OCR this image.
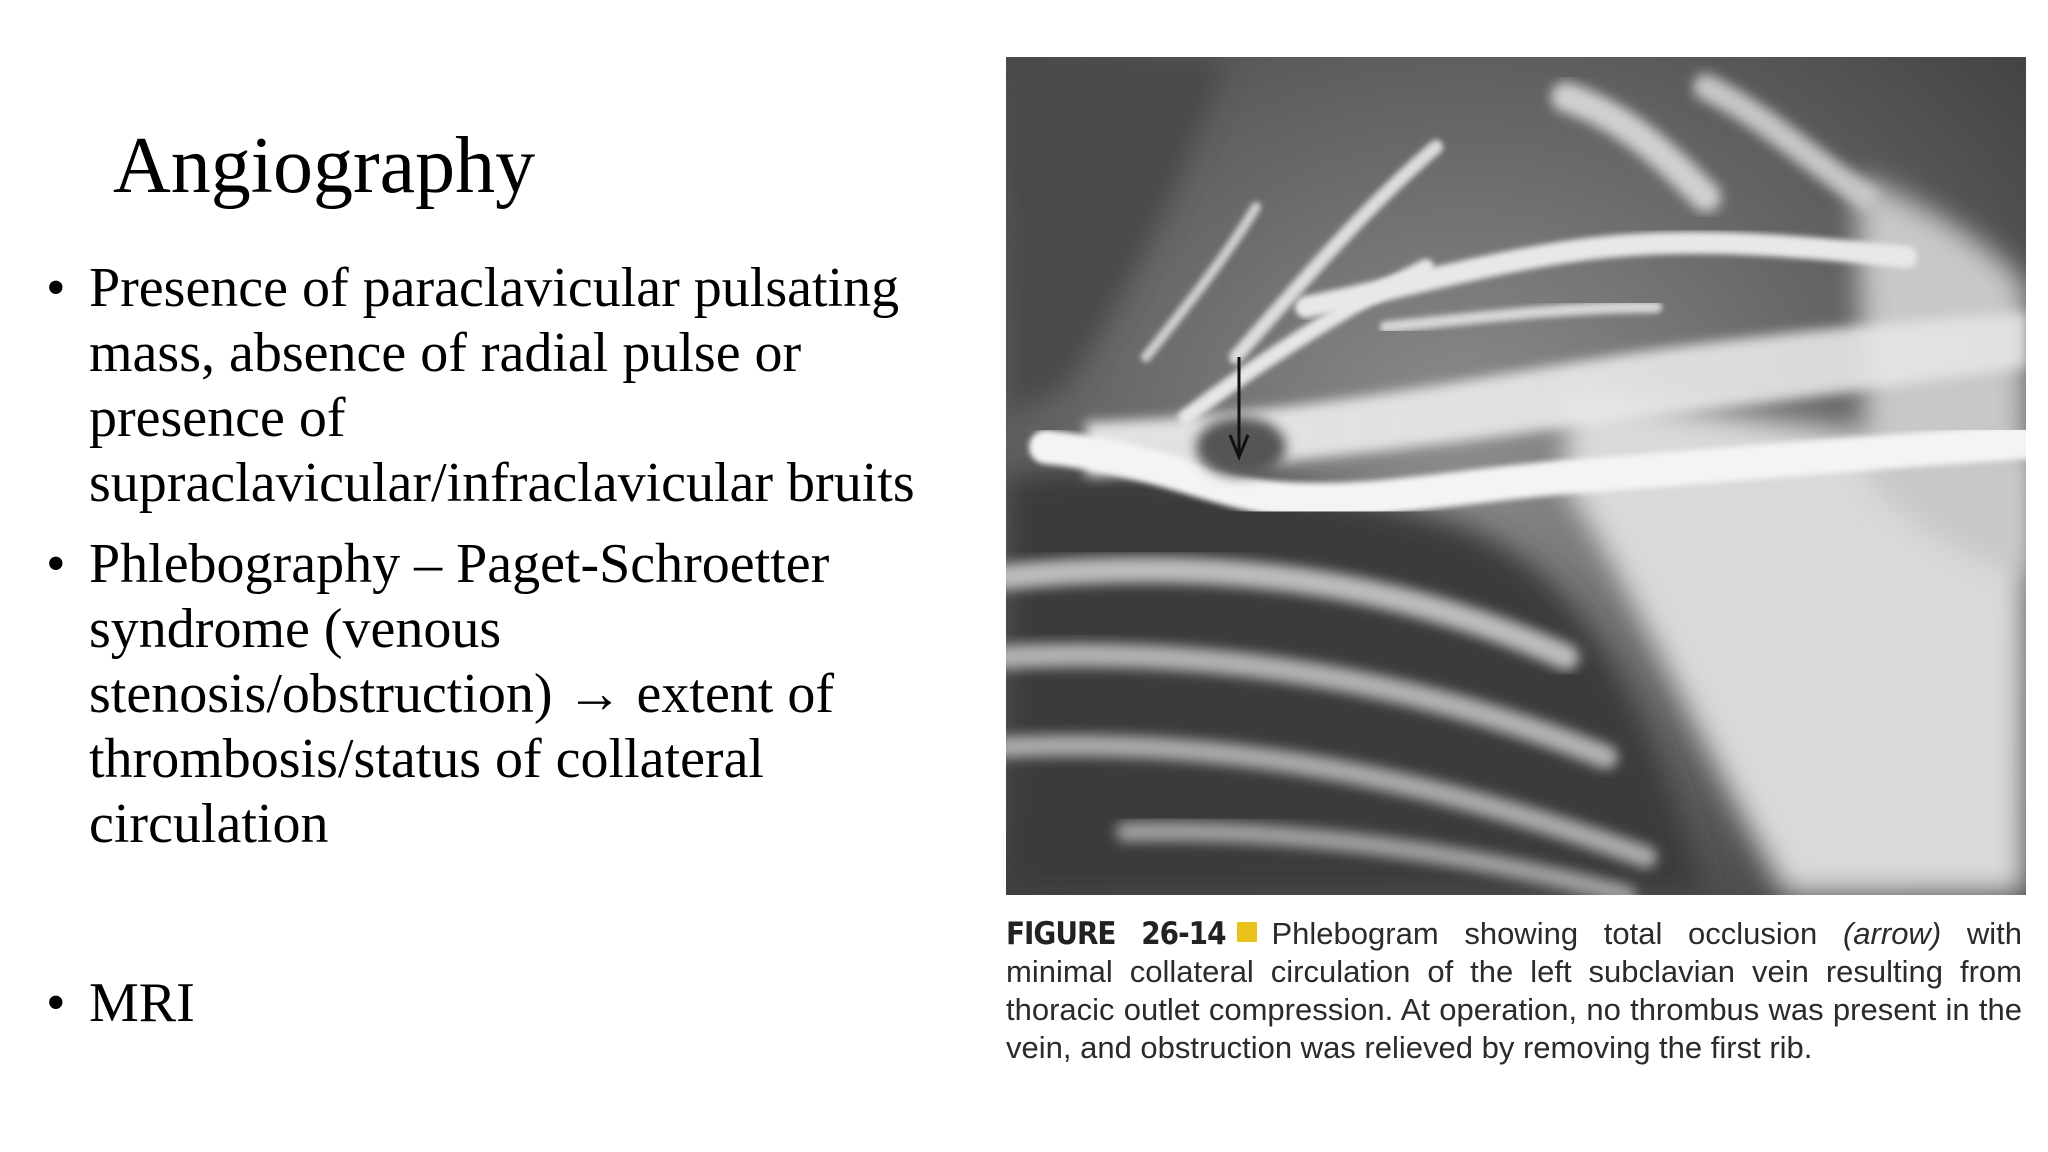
Angiography
• Presence of paraclavicular pulsating
mass, absence of radial pulse or
presence of
supraclavicular/infraclavicular bruits
• Phlebography – Paget-Schroetter
syndrome (venous
stenosis/obstruction) → extent of
thrombosis/status of collateral
circulation
• MRI
FIGURE 26-14 Phlebogram showing total occlusion (arrow) with minimal collateral circulation of the left subclavian vein resulting from thoracic outlet compression. At operation, no thrombus was present in the vein, and obstruction was relieved by removing the first rib.
